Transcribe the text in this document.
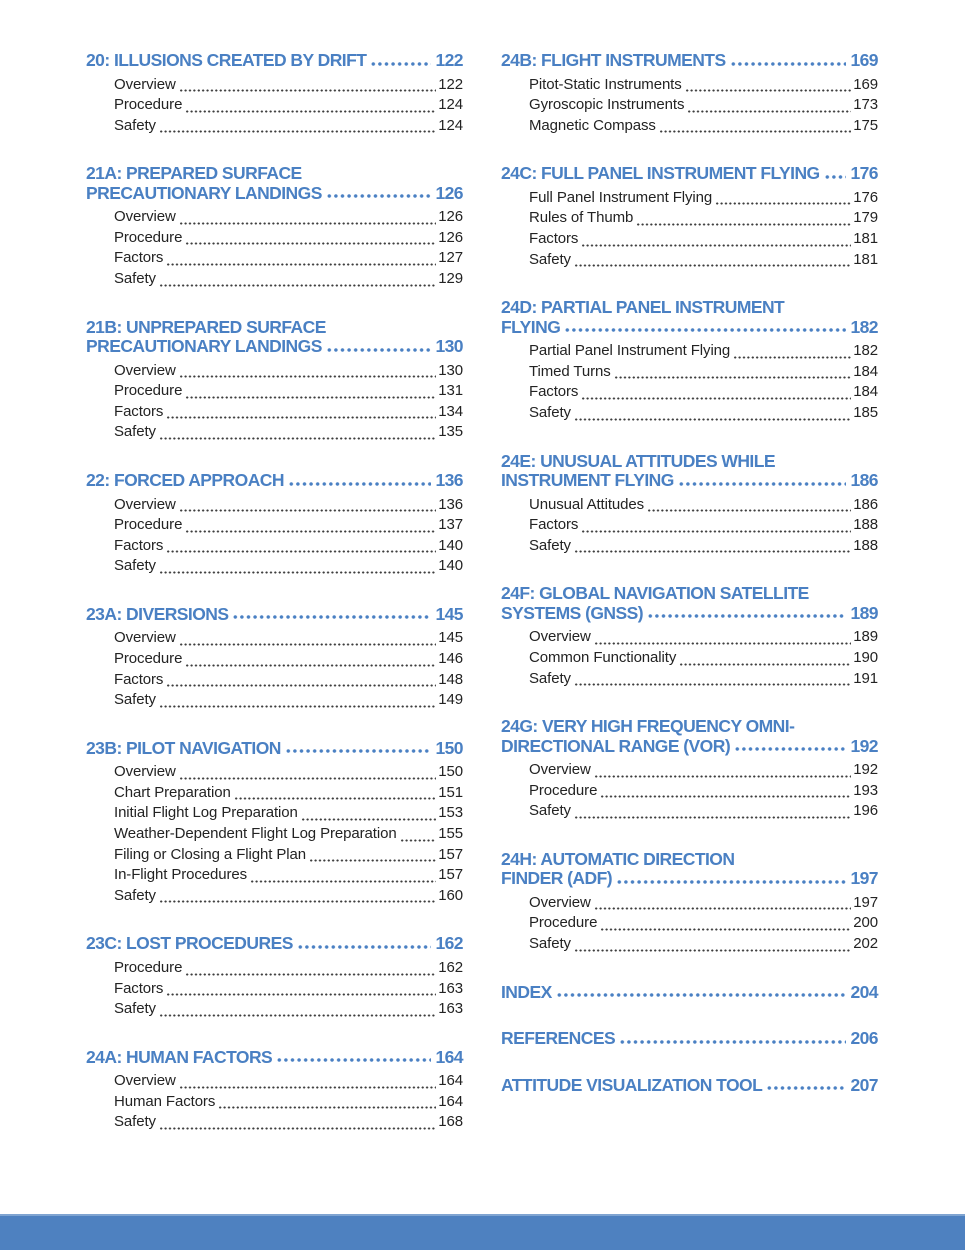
20: ILLUSIONS CREATED BY DRIFT	122
Overview	122
Procedure	124
Safety	124
21A: PREPARED SURFACE
PRECAUTIONARY LANDINGS	126
Overview	126
Procedure	126
Factors	127
Safety	129
21B: UNPREPARED SURFACE
PRECAUTIONARY LANDINGS	130
Overview	130
Procedure	131
Factors	134
Safety	135
22: FORCED APPROACH	136
Overview	136
Procedure	137
Factors	140
Safety	140
23A: DIVERSIONS	145
Overview	145
Procedure	146
Factors	148
Safety	149
23B: PILOT NAVIGATION	150
Overview	150
Chart Preparation	151
Initial Flight Log Preparation	153
Weather-Dependent Flight Log Preparation	155
Filing or Closing a Flight Plan	157
In-Flight Procedures	157
Safety	160
23C: LOST PROCEDURES	162
Procedure	162
Factors	163
Safety	163
24A: HUMAN FACTORS	164
Overview	164
Human Factors	164
Safety	168
24B: FLIGHT INSTRUMENTS	169
Pitot-Static Instruments	169
Gyroscopic Instruments	173
Magnetic Compass	175
24C: FULL PANEL INSTRUMENT FLYING 176
Full Panel Instrument Flying	176
Rules of Thumb	179
Factors	181
Safety	181
24D: PARTIAL PANEL INSTRUMENT
FLYING	182
Partial Panel Instrument Flying	182
Timed Turns	184
Factors	184
Safety	185
24E: UNUSUAL ATTITUDES WHILE
INSTRUMENT FLYING	186
Unusual Attitudes	186
Factors	188
Safety	188
24F: GLOBAL NAVIGATION SATELLITE
SYSTEMS (GNSS)	189
Overview	189
Common Functionality	190
Safety	191
24G: VERY HIGH FREQUENCY OMNI-
DIRECTIONAL RANGE (VOR)	192
Overview	192
Procedure	193
Safety	196
24H: AUTOMATIC DIRECTION
FINDER (ADF)	197
Overview	197
Procedure	200
Safety	202
INDEX	204
REFERENCES	206
ATTITUDE VISUALIZATION TOOL	207
